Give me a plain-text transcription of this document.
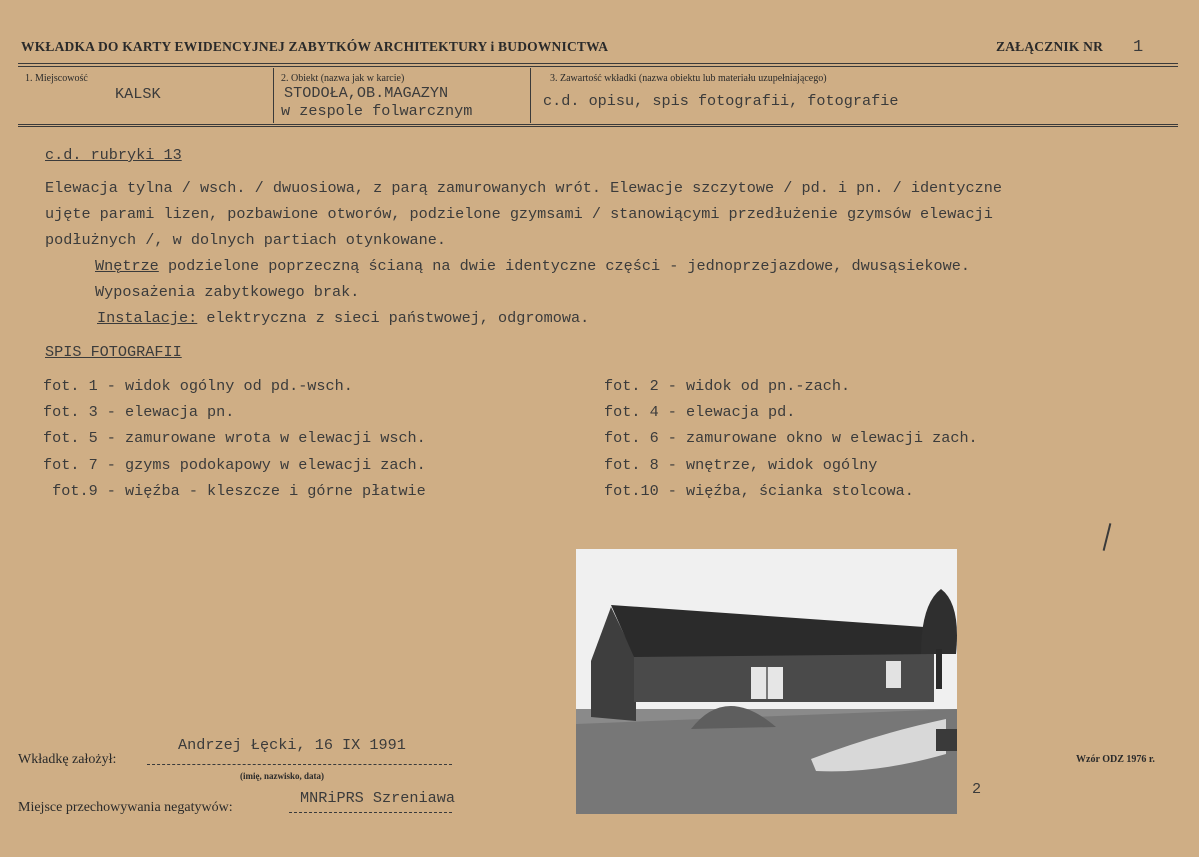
WKŁADKA DO KARTY EWIDENCYJNEJ ZABYTKÓW ARCHITEKTURY i BUDOWNICTWA	ZAŁĄCZNIK NR 1
1. Miejscowość
KALSK
2. Obiekt (nazwa jak w karcie)
STODOŁA,OB.MAGAZYN
w zespole folwarcznym
3. Zawartość wkładki (nazwa obiektu lub materiału uzupełniającego)
c.d. opisu, spis fotografii, fotografie
c.d. rubryki 13
Elewacja tylna / wsch. / dwuosiowa, z parą zamurowanych wrót. Elewacje szczytowe / pd. i pn. / identyczne
ujęte parami lizen, pozbawione otworów, podzielone gzymsami / stanowiącymi przedłużenie gzymsów elewacji
podłużnych /, w dolnych partiach otynkowane.
Wnętrze podzielone poprzeczną ścianą na dwie identyczne części - jednoprzejazdowe, dwusąsiekowe.
Wyposażenia zabytkowego brak.
Instalacje: elektryczna z sieci państwowej, odgromowa.
SPIS FOTOGRAFII
fot. 1 - widok ogólny od pd.-wsch.
fot. 3 - elewacja pn.
fot. 5 - zamurowane wrota w elewacji wsch.
fot. 7 - gzyms podokapowy w elewacji zach.
fot.9 - więźba - kleszcze i górne płatwie
fot. 2 - widok od pn.-zach.
fot. 4 - elewacja pd.
fot. 6 - zamurowane okno w elewacji zach.
fot. 8 - wnętrze, widok ogólny
fot.10 - więźba, ścianka stolcowa.
2
Andrzej Łęcki, 16 IX 1991
Wkładkę założył:
(imię, nazwisko, data)
MNRiPRS Szreniawa
Miejsce przechowywania negatywów:
Wzór ODZ 1976 r.
